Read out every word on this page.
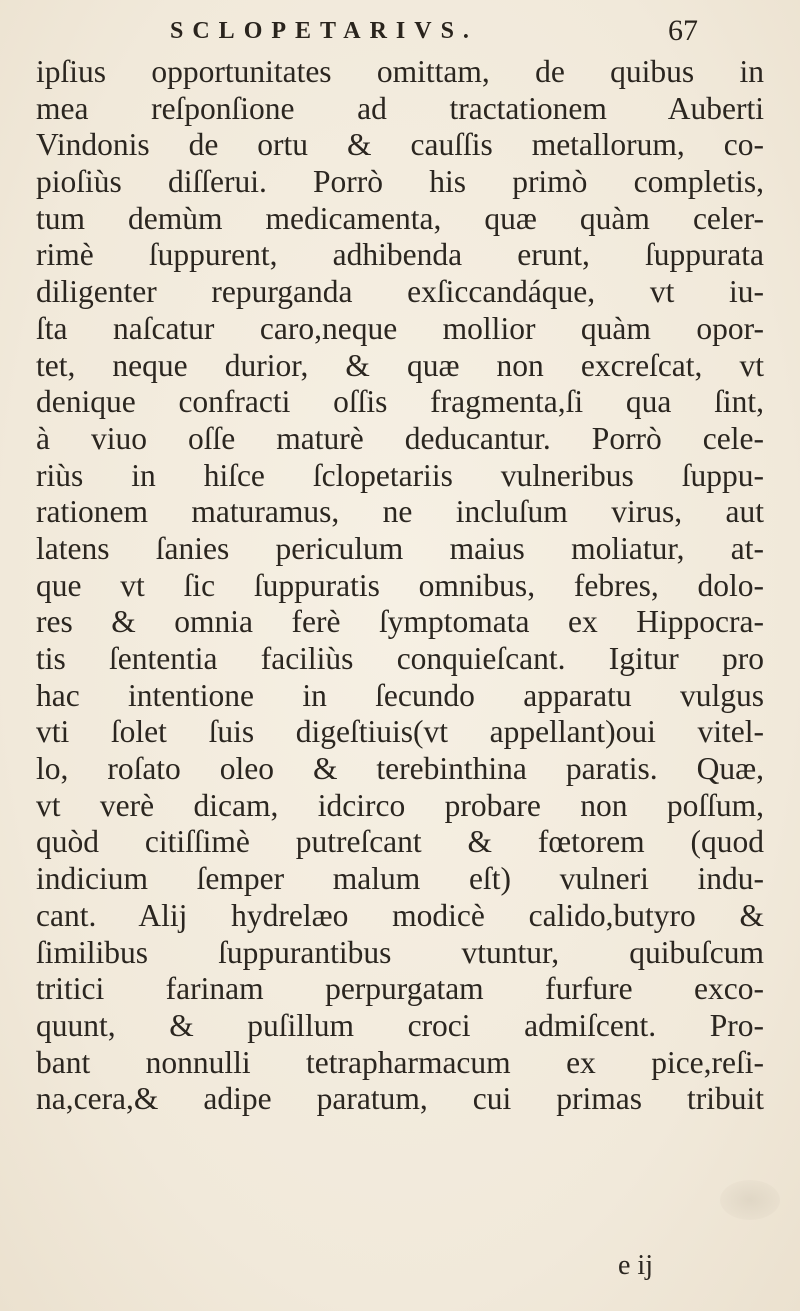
SCLOPETARIVS.	67
ipſius opportunitates omittam, de quibus in
mea reſponſione ad tractationem Auberti
Vindonis de ortu & cauſſis metallorum, co-
pioſiùs diſſerui. Porrò his primò completis,
tum demùm medicamenta, quæ quàm celer-
rimè ſuppurent, adhibenda erunt, ſuppurata
diligenter repurganda exſiccandáque, vt iu-
ſta naſcatur caro,neque mollior quàm opor-
tet, neque durior, & quæ non excreſcat, vt
denique confracti oſſis fragmenta,ſi qua ſint,
à viuo oſſe maturè deducantur. Porrò cele-
riùs in hiſce ſclopetariis vulneribus ſuppu-
rationem maturamus, ne incluſum virus, aut
latens ſanies periculum maius moliatur, at-
que vt ſic ſuppuratis omnibus, febres, dolo-
res & omnia ferè ſymptomata ex Hippocra-
tis ſententia faciliùs conquieſcant. Igitur pro
hac intentione in ſecundo apparatu vulgus
vti ſolet ſuis digeſtiuis(vt appellant)oui vitel-
lo, roſato oleo & terebinthina paratis. Quæ,
vt verè dicam, idcirco probare non poſſum,
quòd citiſſimè putreſcant & fœtorem (quod
indicium ſemper malum eſt) vulneri indu-
cant. Alij hydrelæo modicè calido,butyro &
ſimilibus ſuppurantibus vtuntur, quibuſcum
tritici farinam perpurgatam furfure exco-
quunt, & puſillum croci admiſcent. Pro-
bant nonnulli tetrapharmacum ex pice,reſi-
na,cera,& adipe paratum, cui primas tribuit
e ij
